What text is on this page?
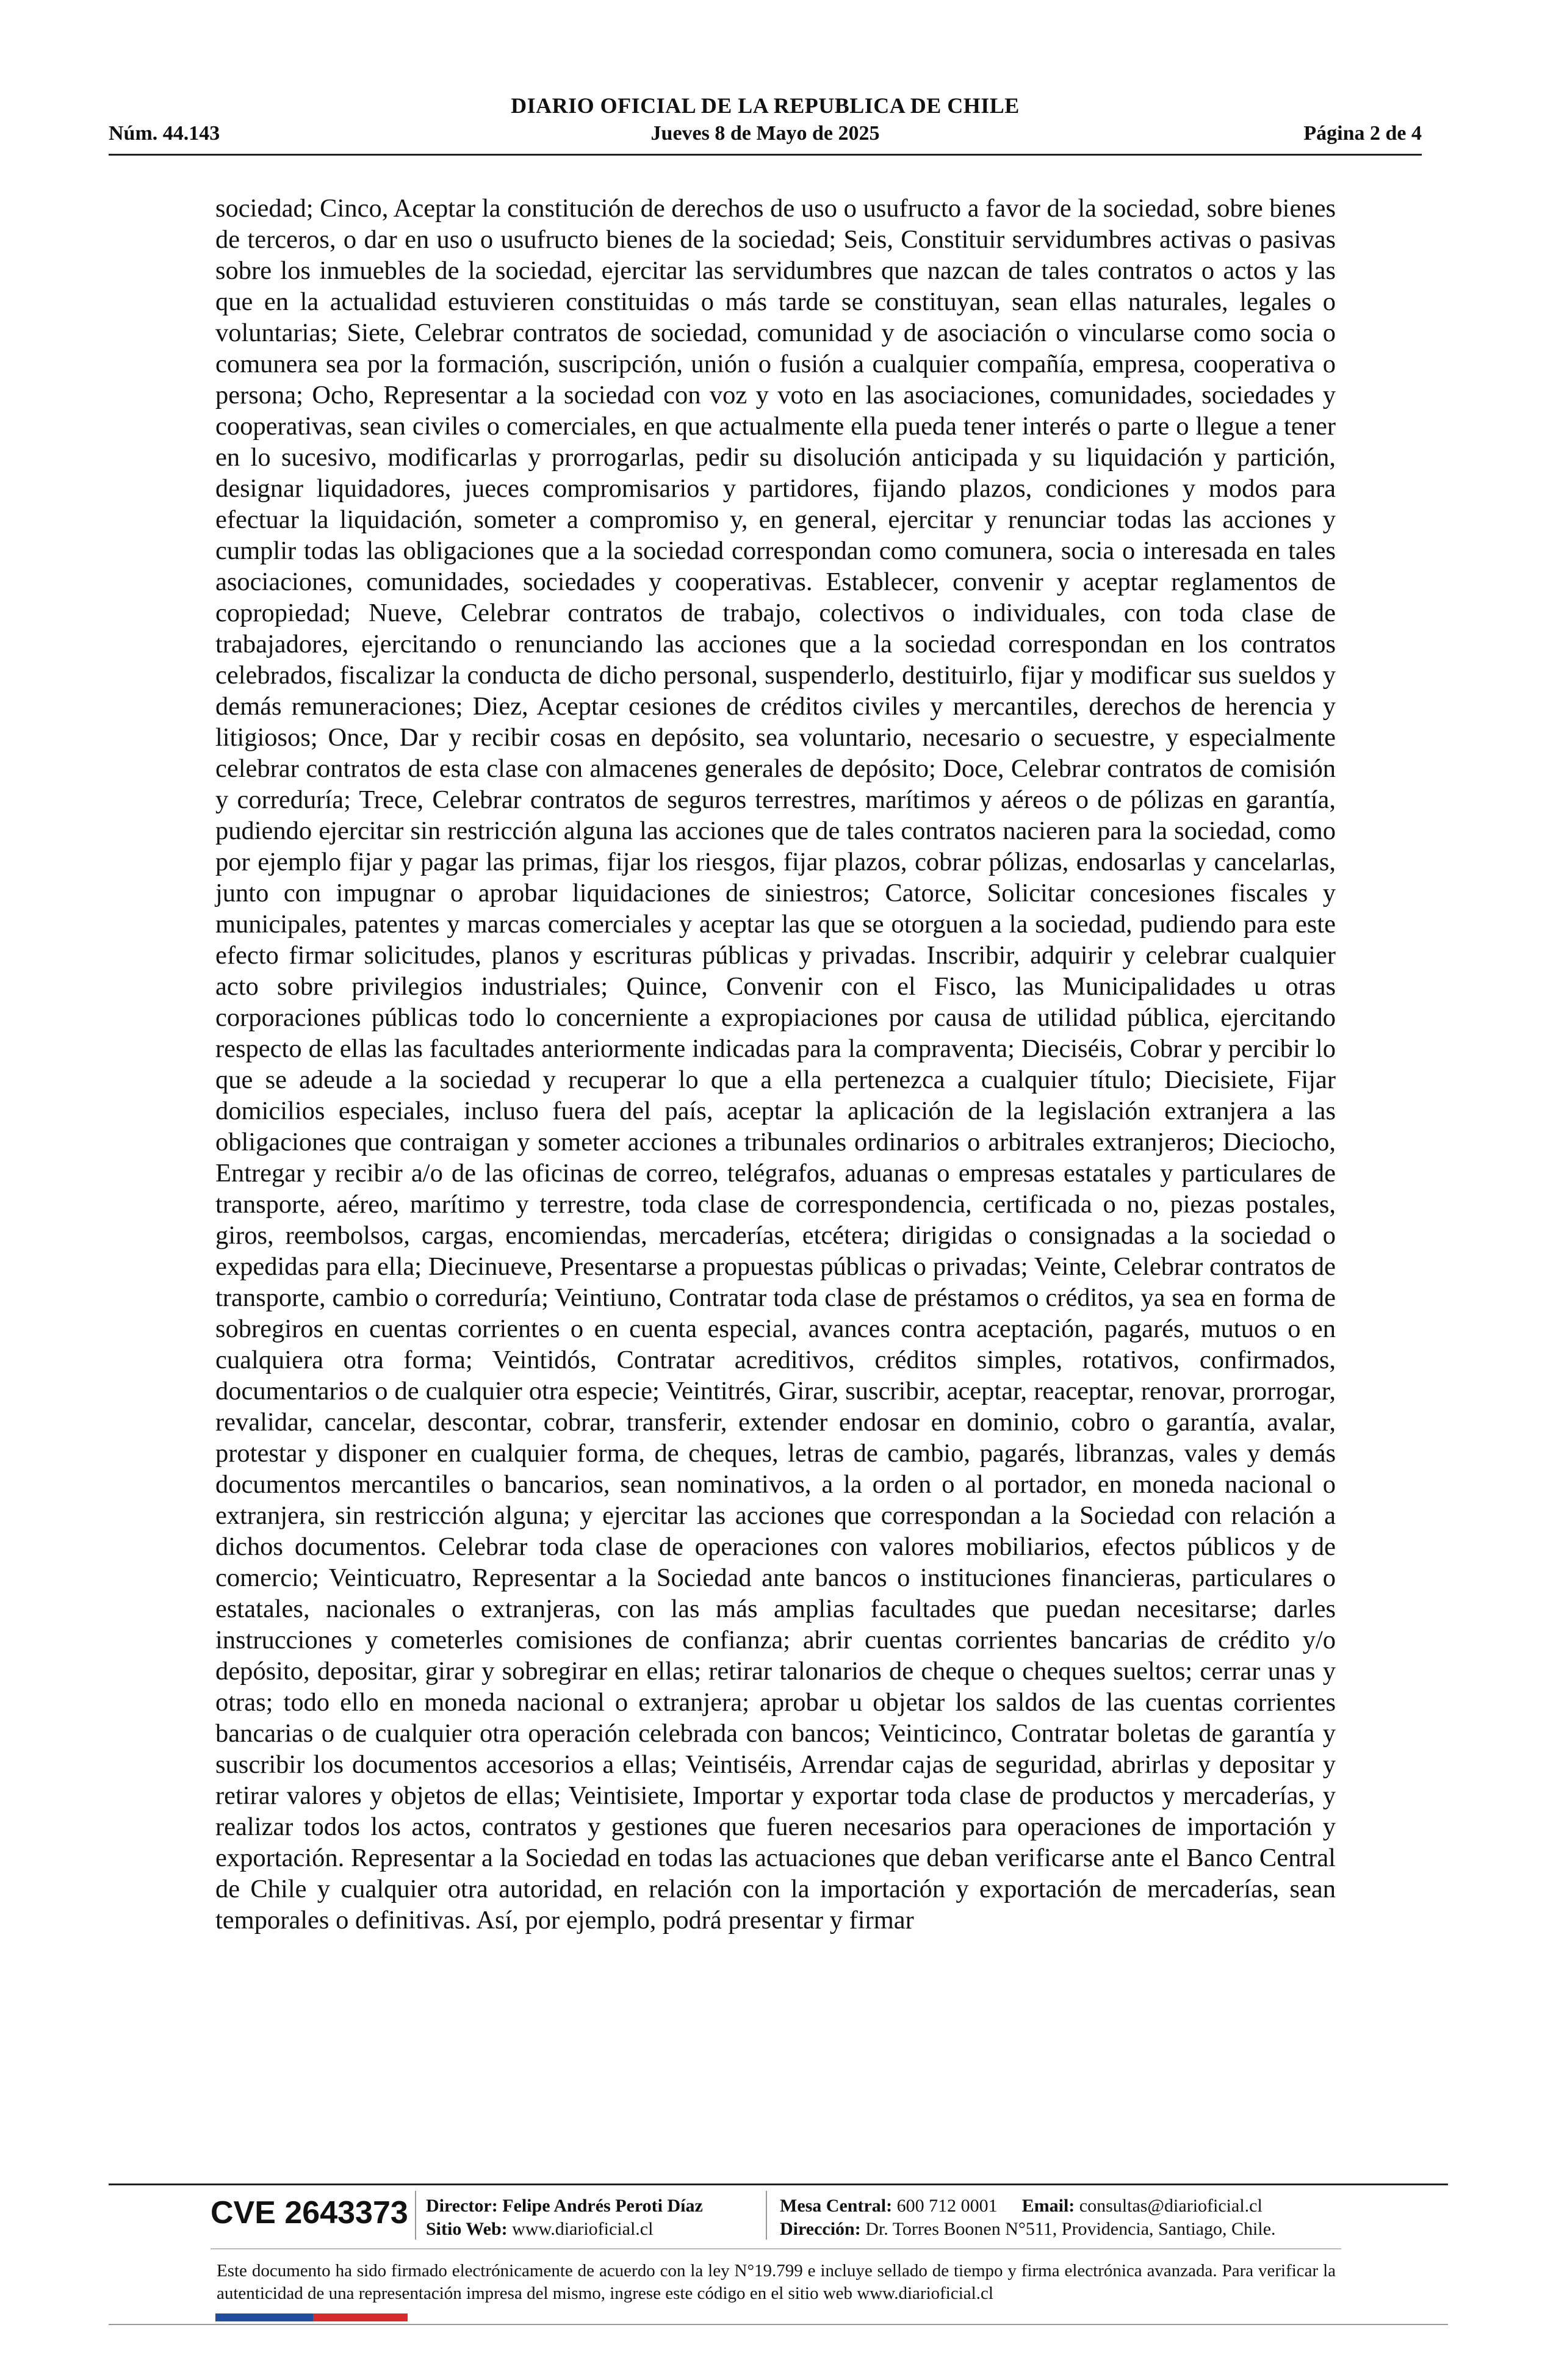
DIARIO OFICIAL DE LA REPUBLICA DE CHILE
Núm. 44.143	Jueves 8 de Mayo de 2025	Página 2 de 4

sociedad; Cinco, Aceptar la constitución de derechos de uso o usufructo a favor de la sociedad, sobre bienes de terceros, o dar en uso o usufructo bienes de la sociedad; Seis, Constituir servidumbres activas o pasivas sobre los inmuebles de la sociedad, ejercitar las servidumbres que nazcan de tales contratos o actos y las que en la actualidad estuvieren constituidas o más tarde se constituyan, sean ellas naturales, legales o voluntarias; Siete, Celebrar contratos de sociedad, comunidad y de asociación o vincularse como socia o comunera sea por la formación, suscripción, unión o fusión a cualquier compañía, empresa, cooperativa o persona; Ocho, Representar a la sociedad con voz y voto en las asociaciones, comunidades, sociedades y cooperativas, sean civiles o comerciales, en que actualmente ella pueda tener interés o parte o llegue a tener en lo sucesivo, modificarlas y prorrogarlas, pedir su disolución anticipada y su liquidación y partición, designar liquidadores, jueces compromisarios y partidores, fijando plazos, condiciones y modos para efectuar la liquidación, someter a compromiso y, en general, ejercitar y renunciar todas las acciones y cumplir todas las obligaciones que a la sociedad correspondan como comunera, socia o interesada en tales asociaciones, comunidades, sociedades y cooperativas. Establecer, convenir y aceptar reglamentos de copropiedad; Nueve, Celebrar contratos de trabajo, colectivos o individuales, con toda clase de trabajadores, ejercitando o renunciando las acciones que a la sociedad correspondan en los contratos celebrados, fiscalizar la conducta de dicho personal, suspenderlo, destituirlo, fijar y modificar sus sueldos y demás remuneraciones; Diez, Aceptar cesiones de créditos civiles y mercantiles, derechos de herencia y litigiosos; Once, Dar y recibir cosas en depósito, sea voluntario, necesario o secuestre, y especialmente celebrar contratos de esta clase con almacenes generales de depósito; Doce, Celebrar contratos de comisión y correduría; Trece, Celebrar contratos de seguros terrestres, marítimos y aéreos o de pólizas en garantía, pudiendo ejercitar sin restricción alguna las acciones que de tales contratos nacieren para la sociedad, como por ejemplo fijar y pagar las primas, fijar los riesgos, fijar plazos, cobrar pólizas, endosarlas y cancelarlas, junto con impugnar o aprobar liquidaciones de siniestros; Catorce, Solicitar concesiones fiscales y municipales, patentes y marcas comerciales y aceptar las que se otorguen a la sociedad, pudiendo para este efecto firmar solicitudes, planos y escrituras públicas y privadas. Inscribir, adquirir y celebrar cualquier acto sobre privilegios industriales; Quince, Convenir con el Fisco, las Municipalidades u otras corporaciones públicas todo lo concerniente a expropiaciones por causa de utilidad pública, ejercitando respecto de ellas las facultades anteriormente indicadas para la compraventa; Dieciséis, Cobrar y percibir lo que se adeude a la sociedad y recuperar lo que a ella pertenezca a cualquier título; Diecisiete, Fijar domicilios especiales, incluso fuera del país, aceptar la aplicación de la legislación extranjera a las obligaciones que contraigan y someter acciones a tribunales ordinarios o arbitrales extranjeros; Dieciocho, Entregar y recibir a/o de las oficinas de correo, telégrafos, aduanas o empresas estatales y particulares de transporte, aéreo, marítimo y terrestre, toda clase de correspondencia, certificada o no, piezas postales, giros, reembolsos, cargas, encomiendas, mercaderías, etcétera; dirigidas o consignadas a la sociedad o expedidas para ella; Diecinueve, Presentarse a propuestas públicas o privadas; Veinte, Celebrar contratos de transporte, cambio o correduría; Veintiuno, Contratar toda clase de préstamos o créditos, ya sea en forma de sobregiros en cuentas corrientes o en cuenta especial, avances contra aceptación, pagarés, mutuos o en cualquiera otra forma; Veintidós, Contratar acreditivos, créditos simples, rotativos, confirmados, documentarios o de cualquier otra especie; Veintitrés, Girar, suscribir, aceptar, reaceptar, renovar, prorrogar, revalidar, cancelar, descontar, cobrar, transferir, extender endosar en dominio, cobro o garantía, avalar, protestar y disponer en cualquier forma, de cheques, letras de cambio, pagarés, libranzas, vales y demás documentos mercantiles o bancarios, sean nominativos, a la orden o al portador, en moneda nacional o extranjera, sin restricción alguna; y ejercitar las acciones que correspondan a la Sociedad con relación a dichos documentos. Celebrar toda clase de operaciones con valores mobiliarios, efectos públicos y de comercio; Veinticuatro, Representar a la Sociedad ante bancos o instituciones financieras, particulares o estatales, nacionales o extranjeras, con las más amplias facultades que puedan necesitarse; darles instrucciones y cometerles comisiones de confianza; abrir cuentas corrientes bancarias de crédito y/o depósito, depositar, girar y sobregirar en ellas; retirar talonarios de cheque o cheques sueltos; cerrar unas y otras; todo ello en moneda nacional o extranjera; aprobar u objetar los saldos de las cuentas corrientes bancarias o de cualquier otra operación celebrada con bancos; Veinticinco, Contratar boletas de garantía y suscribir los documentos accesorios a ellas; Veintiséis, Arrendar cajas de seguridad, abrirlas y depositar y retirar valores y objetos de ellas; Veintisiete, Importar y exportar toda clase de productos y mercaderías, y realizar todos los actos, contratos y gestiones que fueren necesarios para operaciones de importación y exportación. Representar a la Sociedad en todas las actuaciones que deban verificarse ante el Banco Central de Chile y cualquier otra autoridad, en relación con la importación y exportación de mercaderías, sean temporales o definitivas. Así, por ejemplo, podrá presentar y firmar

CVE 2643373 Director: Felipe Andrés Peroti Díaz
Sitio Web: www.diarioficial.cl
Mesa Central: 600 712 0001 Email: consultas@diarioficial.cl
Dirección: Dr. Torres Boonen N°511, Providencia, Santiago, Chile.
Este documento ha sido firmado electrónicamente de acuerdo con la ley N°19.799 e incluye sellado de tiempo y firma electrónica avanzada. Para verificar la autenticidad de una representación impresa del mismo, ingrese este código en el sitio web www.diarioficial.cl
